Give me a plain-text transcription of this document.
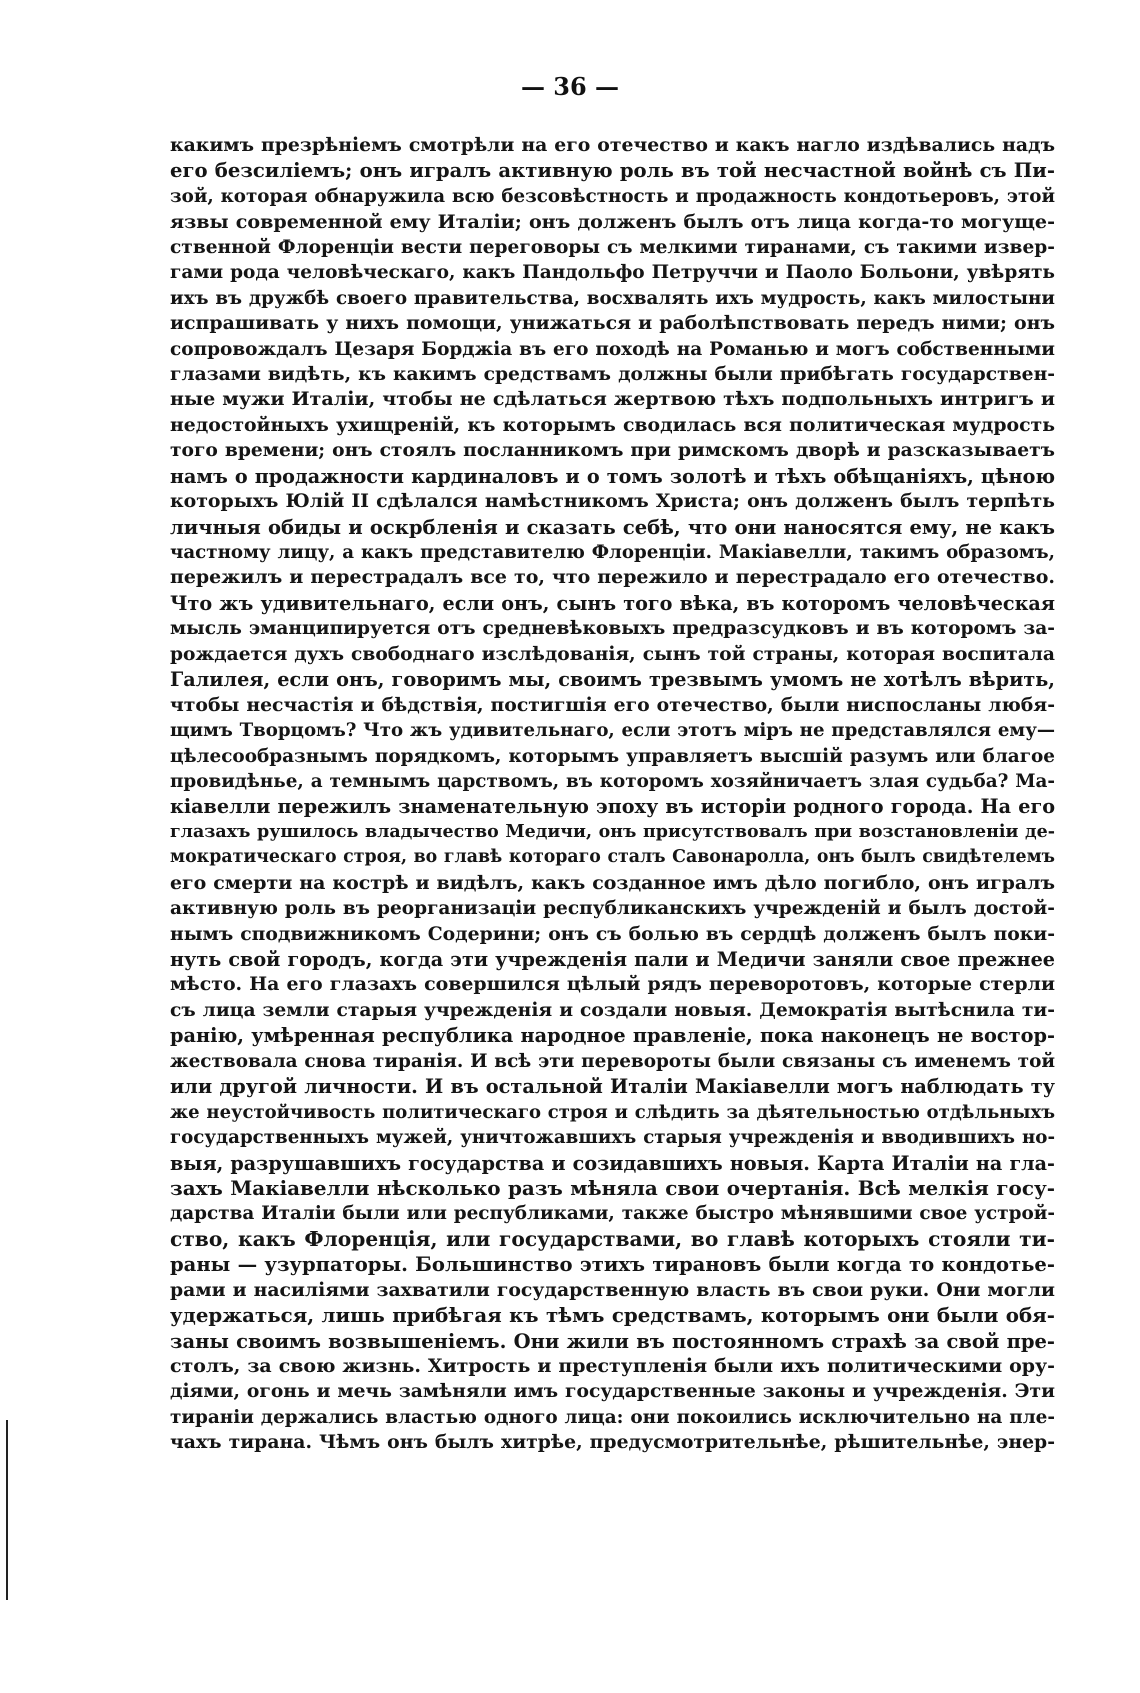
— 36 —
какимъ презрѣніемъ смотрѣли на его отечество и какъ нагло издѣвались надъ
его безсиліемъ; онъ игралъ активную роль въ той несчастной войнѣ съ Пи-
зой, которая обнаружила всю безсовѣстность и продажность кондотьеровъ, этой
язвы современной ему Италіи; онъ долженъ былъ отъ лица когда-то могуще-
ственной Флоренціи вести переговоры съ мелкими тиранами, съ такими извер-
гами рода человѣческаго, какъ Пандольфо Петруччи и Паоло Больони, увѣрять
ихъ въ дружбѣ своего правительства, восхвалять ихъ мудрость, какъ милостыни
испрашивать у нихъ помощи, унижаться и раболѣпствовать передъ ними; онъ
сопровождалъ Цезаря Борджіа въ его походѣ на Романью и могъ собственными
глазами видѣть, къ какимъ средствамъ должны были прибѣгать государствен-
ные мужи Италіи, чтобы не сдѣлаться жертвою тѣхъ подпольныхъ интригъ и
недостойныхъ ухищреній, къ которымъ сводилась вся политическая мудрость
того времени; онъ стоялъ посланникомъ при римскомъ дворѣ и разсказываетъ
намъ о продажности кардиналовъ и о томъ золотѣ и тѣхъ обѣщаніяхъ, цѣною
которыхъ Юлій II сдѣлался намѣстникомъ Христа; онъ долженъ былъ терпѣть
личныя обиды и оскрбленія и сказать себѣ, что они наносятся ему, не какъ
частному лицу, а какъ представителю Флоренціи. Макіавелли, такимъ образомъ,
пережилъ и перестрадалъ все то, что пережило и перестрадало его отечество.
Что жъ удивительнаго, если онъ, сынъ того вѣка, въ которомъ человѣческая
мысль эманципируется отъ средневѣковыхъ предразсудковъ и въ которомъ за-
рождается духъ свободнаго изслѣдованія, сынъ той страны, которая воспитала
Галилея, если онъ, говоримъ мы, своимъ трезвымъ умомъ не хотѣлъ вѣрить,
чтобы несчастія и бѣдствія, постигшія его отечество, были ниспосланы любя-
щимъ Творцомъ? Что жъ удивительнаго, если этотъ міръ не представлялся ему—
цѣлесообразнымъ порядкомъ, которымъ управляетъ высшій разумъ или благое
провидѣнье, а темнымъ царствомъ, въ которомъ хозяйничаетъ злая судьба? Ма-
кіавелли пережилъ знаменательную эпоху въ исторіи родного города. На его
глазахъ рушилось владычество Медичи, онъ присутствовалъ при возстановленіи де-
мократическаго строя, во главѣ котораго сталъ Савонаролла, онъ былъ свидѣтелемъ
его смерти на кострѣ и видѣлъ, какъ созданное имъ дѣло погибло, онъ игралъ
активную роль въ реорганизаціи республиканскихъ учрежденій и былъ достой-
нымъ сподвижникомъ Содерини; онъ съ болью въ сердцѣ долженъ былъ поки-
нуть свой городъ, когда эти учрежденія пали и Медичи заняли свое прежнее
мѣсто. На его глазахъ совершился цѣлый рядъ переворотовъ, которые стерли
съ лица земли старыя учрежденія и создали новыя. Демократія вытѣснила ти-
ранію, умѣренная республика народное правленіе, пока наконецъ не востор-
жествовала снова тиранія. И всѣ эти перевороты были связаны съ именемъ той
или другой личности. И въ остальной Италіи Макіавелли могъ наблюдать ту
же неустойчивость политическаго строя и слѣдить за дѣятельностью отдѣльныхъ
государственныхъ мужей, уничтожавшихъ старыя учрежденія и вводившихъ но-
выя, разрушавшихъ государства и созидавшихъ новыя. Карта Италіи на гла-
захъ Макіавелли нѣсколько разъ мѣняла свои очертанія. Всѣ мелкія госу-
дарства Италіи были или республиками, также быстро мѣнявшими свое устрой-
ство, какъ Флоренція, или государствами, во главѣ которыхъ стояли ти-
раны — узурпаторы. Большинство этихъ тирановъ были когда то кондотье-
рами и насиліями захватили государственную власть въ свои руки. Они могли
удержаться, лишь прибѣгая къ тѣмъ средствамъ, которымъ они были обя-
заны своимъ возвышеніемъ. Они жили въ постоянномъ страхѣ за свой пре-
столъ, за свою жизнь. Хитрость и преступленія были ихъ политическими ору-
діями, огонь и мечь замѣняли имъ государственные законы и учрежденія. Эти
тираніи держались властью одного лица: они покоились исключительно на пле-
чахъ тирана. Чѣмъ онъ былъ хитрѣе, предусмотрительнѣе, рѣшительнѣе, энер-
